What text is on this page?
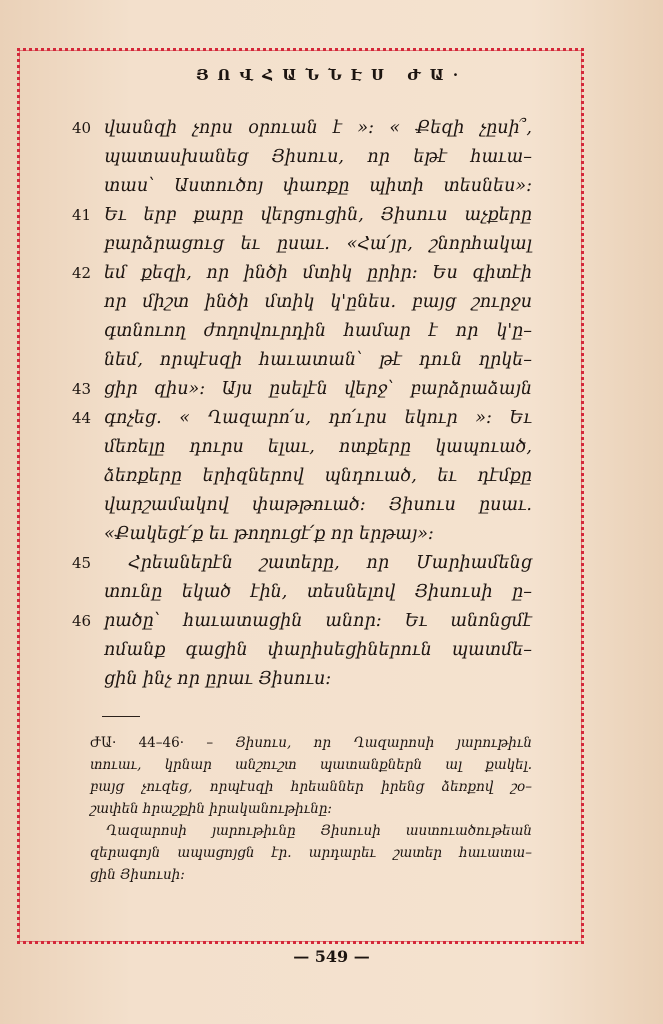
ՅՈՎՀԱՆՆԷՍ ԺԱ·
40 վասնզի չորս օրուան է »: « Քեզի չըսի՞,
պատասխանեց Յիսուս, որ եթէ հաւա–
տաս՝ Աստուծոյ փառքը պիտի տեսնես»:
41 Եւ երբ քարը վերցուցին, Յիսուս աչքերը
բարձրացուց եւ ըսաւ. «Հա՛յր, շնորհակալ
42 եմ քեզի, որ ինծի մտիկ ըրիր: Ես գիտէի
որ միշտ ինծի մտիկ կ'ընես. բայց շուրջս
գտնուող ժողովուրդին համար է որ կ'ը–
նեմ, որպէսզի հաւատան՝ թէ դուն ղրկե–
43 ցիր զիս»: Այս ըսելէն վերջ՝ բարձրաձայն
44 գոչեց. « Ղազարո՛ս, դո՛ւրս եկուր »: Եւ
մեռելը դուրս ելաւ, ոտքերը կապուած,
ձեռքերը երիզներով պնդուած, եւ դէմքը
վարշամակով փաթթուած: Յիսուս ըսաւ.
«Քակեցէ՛ք եւ թողուցէ՛ք որ երթայ»:
45	Հրեաներէն շատերը, որ Մարիամենց
տունը եկած էին, տեսնելով Յիսուսի ը–
46 րածը՝ հաւատացին անոր: Եւ անոնցմէ
ոմանք գացին փարիսեցիներուն պատմե–
ցին ինչ որ ըրաւ Յիսուս:
ԺԱ· 44–46· – Յիսուս, որ Ղազարոսի յարութիւն
տուաւ, կրնար անշուշտ պատանքներն ալ քակել.
բայց չուզեց, որպէսզի հրեաններ իրենց ձեռքով շօ–
շափեն հրաշքին իրականութիւնը:
Ղազարոսի յարութիւնը Յիսուսի աստուածութեան
զերագոյն ապացոյցն էր. արդարեւ շատեր հաւատա–
ցին Յիսուսի:
— 549 —
